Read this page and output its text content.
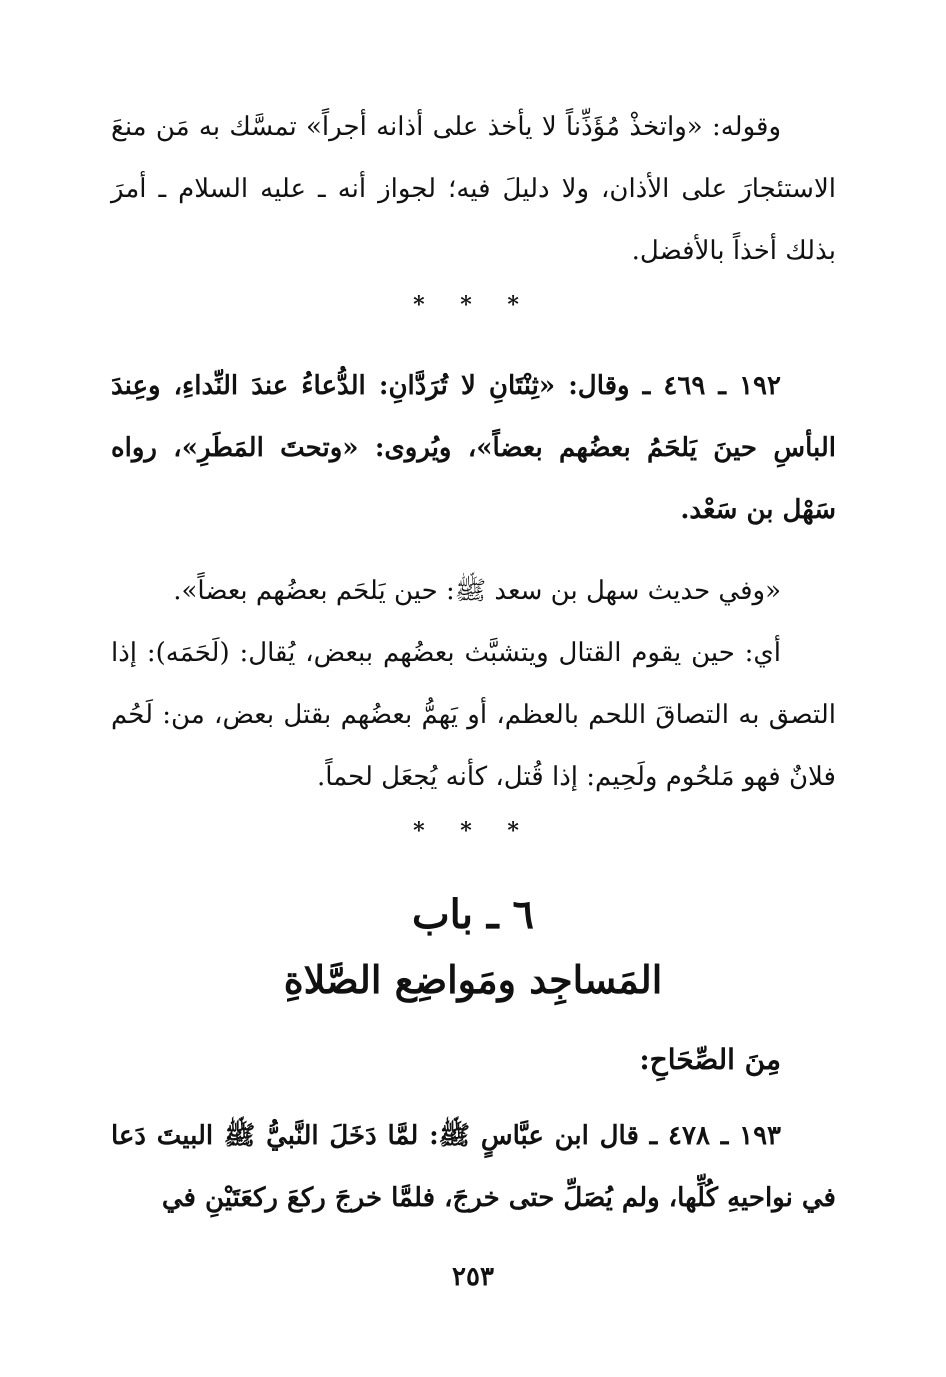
وقوله: «واتخذْ مُؤَذِّناً لا يأخذ على أذانه أجراً» تمسَّك به مَن منعَ الاستئجارَ على الأذان، ولا دليلَ فيه؛ لجواز أنه ـ عليه السلام ـ أمرَ بذلك أخذاً بالأفضل.

* * *

١٩٢ ـ ٤٦٩ ـ وقال: «ثِنْتَانِ لا تُرَدَّانِ: الدُّعاءُ عندَ النِّداءِ، وعِندَ البأسِ حينَ يَلحَمُ بعضُهم بعضاً»، ويُروى: «وتحتَ المَطَرِ»، رواه سَهْل بن سَعْد.

«وفي حديث سهل بن سعد ﷺ: حين يَلحَم بعضُهم بعضاً».

أي: حين يقوم القتال ويتشبَّث بعضُهم ببعض، يُقال: (لَحَمَه): إذا التصق به التصاقَ اللحم بالعظم، أو يَهمُّ بعضُهم بقتل بعض، من: لَحُم فلانٌ فهو مَلحُوم ولَحِيم: إذا قُتل، كأنه يُجعَل لحماً.

* * *
٦ ـ باب
المَساجِد ومَواضِع الصَّلاةِ
مِنَ الصِّحَاحِ:

١٩٣ ـ ٤٧٨ ـ قال ابن عبَّاسٍ ﷺ: لمَّا دَخَلَ النَّبيُّ ﷺ البيتَ دَعا في نواحيهِ كُلِّها، ولم يُصَلِّ حتى خرجَ، فلمَّا خرجَ ركعَ ركعَتَيْنِ في

٢٥٣
